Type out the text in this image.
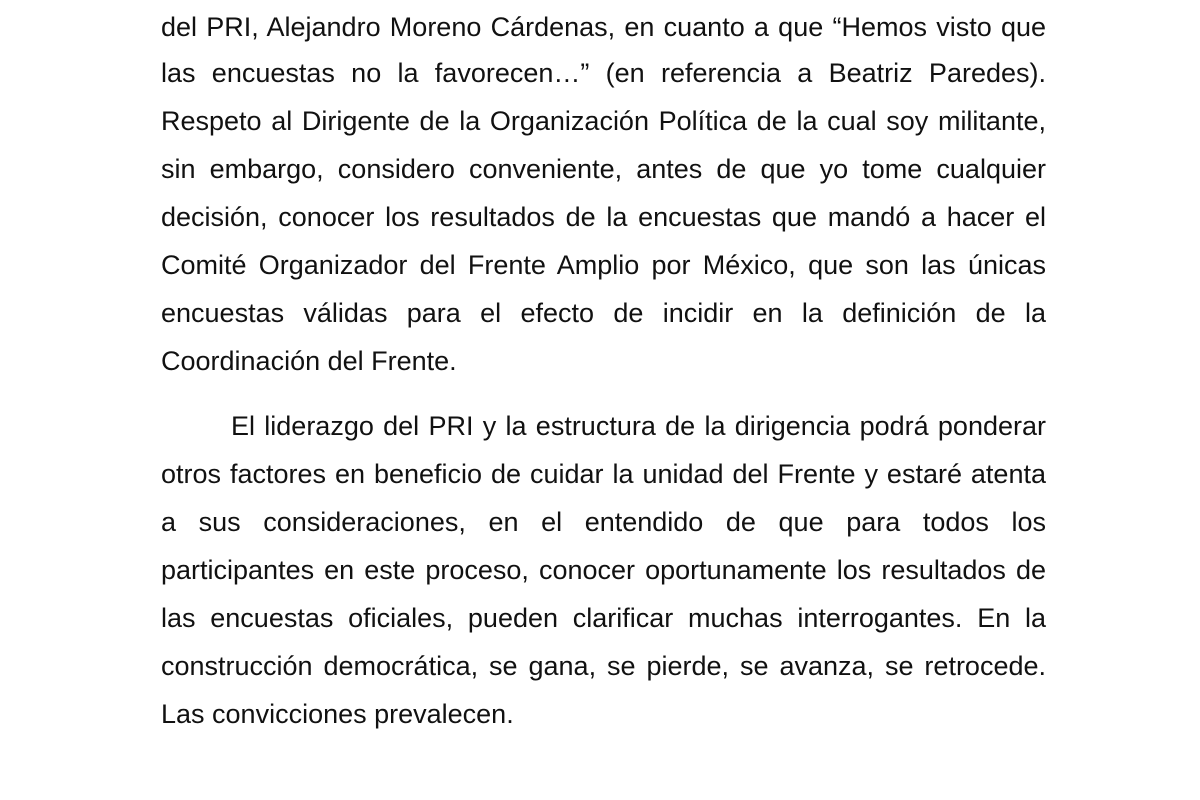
del PRI, Alejandro Moreno Cárdenas, en cuanto a que “Hemos visto que
las encuestas no la favorecen…” (en referencia a Beatriz Paredes).
Respeto al Dirigente de la Organización Política de la cual soy militante,
sin embargo, considero conveniente, antes de que yo tome cualquier
decisión, conocer los resultados de la encuestas que mandó a hacer el
Comité Organizador del Frente Amplio por México, que son las únicas
encuestas válidas para el efecto de incidir en la definición de la
Coordinación del Frente.
El liderazgo del PRI y la estructura de la dirigencia podrá ponderar
otros factores en beneficio de cuidar la unidad del Frente y estaré atenta
a sus consideraciones, en el entendido de que para todos los
participantes en este proceso, conocer oportunamente los resultados de
las encuestas oficiales, pueden clarificar muchas interrogantes. En la
construcción democrática, se gana, se pierde, se avanza, se retrocede.
Las convicciones prevalecen.
